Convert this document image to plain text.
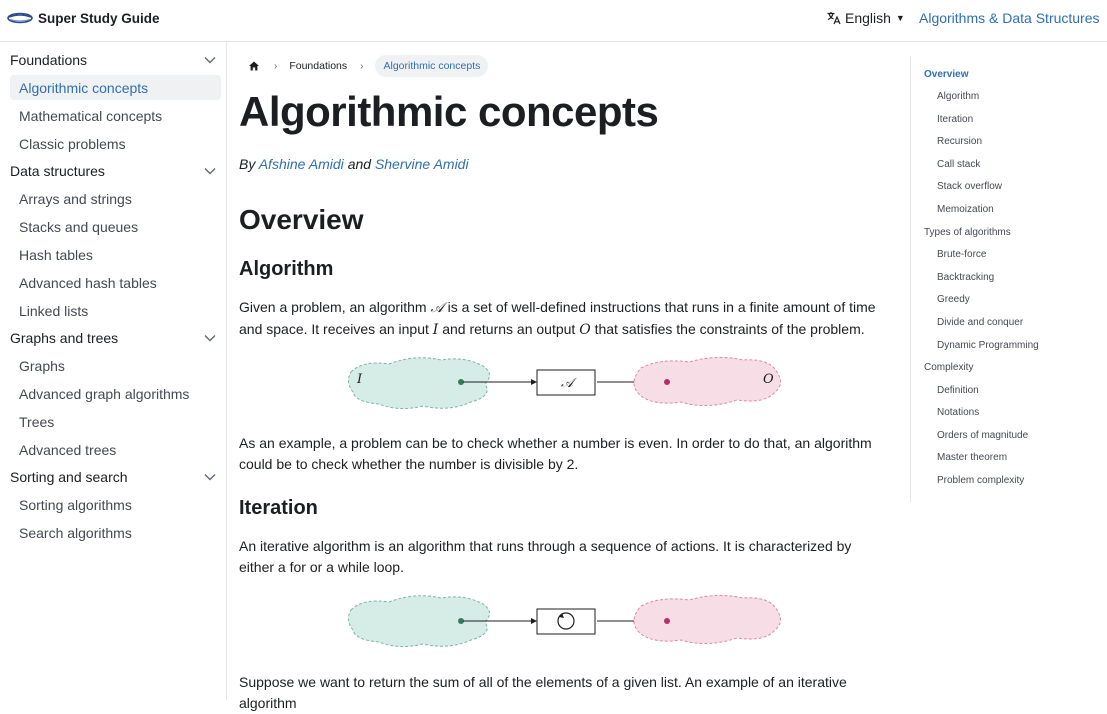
Super Study Guide	English ▼ Algorithms & Data Structures
Foundations
Algorithmic concepts
Mathematical concepts
Classic problems
Data structures
Arrays and strings
Stacks and queues
Hash tables
Advanced hash tables
Linked lists
Graphs and trees
Graphs
Advanced graph algorithms
Trees
Advanced trees
Sorting and search
Sorting algorithms
Search algorithms
› Foundations ›	Algorithmic concepts
Algorithmic concepts
By Afshine Amidi and Shervine Amidi
Overview
Algorithm
Given a problem, an algorithm 𝒜 is a set of well-defined instructions that runs in a finite amount of time and space. It receives an input I and returns an output O that satisfies the constraints of the problem.
I	𝒜	O
As an example, a problem can be to check whether a number is even. In order to do that, an algorithm could be to check whether the number is divisible by 2.
Iteration
An iterative algorithm is an algorithm that runs through a sequence of actions. It is characterized by either a for or a while loop.
Suppose we want to return the sum of all of the elements of a given list. An example of an iterative algorithm
Overview
Algorithm
Iteration
Recursion
Call stack
Stack overflow
Memoization
Types of algorithms
Brute-force
Backtracking
Greedy
Divide and conquer
Dynamic Programming
Complexity
Definition
Notations
Orders of magnitude
Master theorem
Problem complexity
